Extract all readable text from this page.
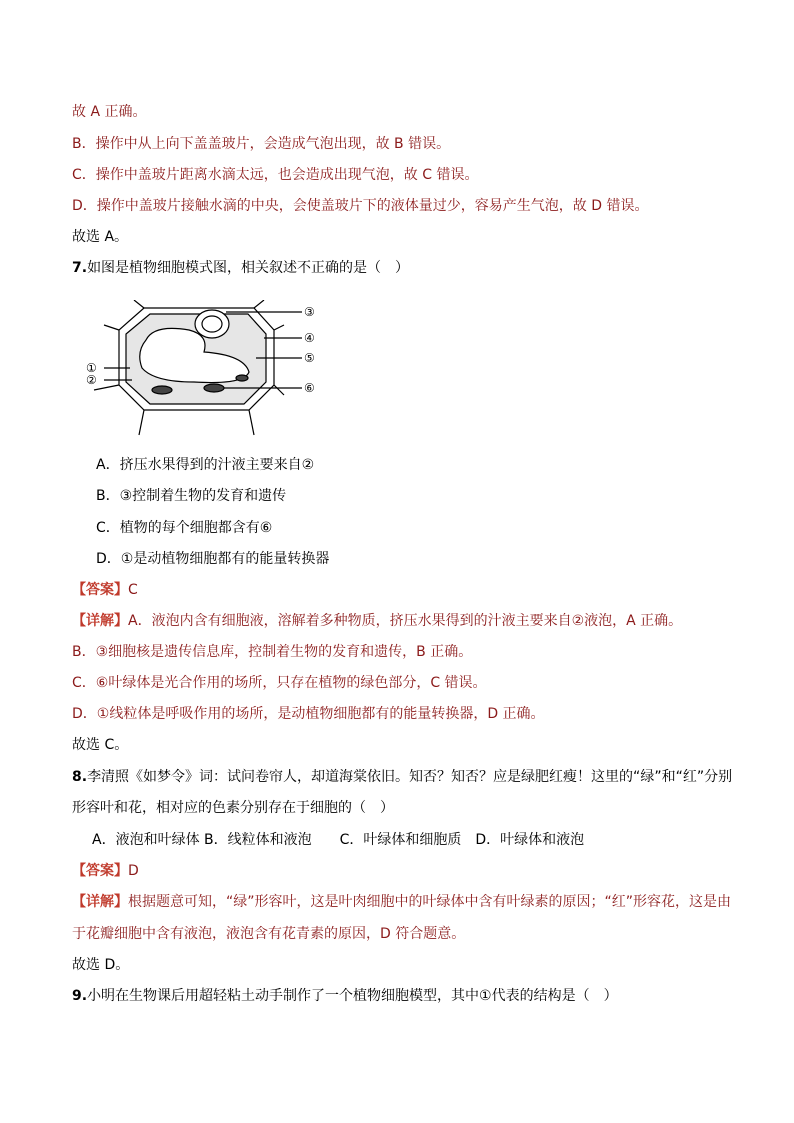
故 A 正确。
B．操作中从上向下盖盖玻片，会造成气泡出现，故 B 错误。
C．操作中盖玻片距离水滴太远，也会造成出现气泡，故 C 错误。
D．操作中盖玻片接触水滴的中央，会使盖玻片下的液体量过少，容易产生气泡，故 D 错误。
故选 A。
7.如图是植物细胞模式图，相关叙述不正确的是（　）
③
④
⑤
⑥
①
②
A．挤压水果得到的汁液主要来自②
B．③控制着生物的发育和遗传
C．植物的每个细胞都含有⑥
D．①是动植物细胞都有的能量转换器
【答案】C
【详解】A．液泡内含有细胞液，溶解着多种物质，挤压水果得到的汁液主要来自②液泡，A 正确。
B．③细胞核是遗传信息库，控制着生物的发育和遗传，B 正确。
C．⑥叶绿体是光合作用的场所，只存在植物的绿色部分，C 错误。
D．①线粒体是呼吸作用的场所，是动植物细胞都有的能量转换器，D 正确。
故选 C。
8.李清照《如梦令》词：试问卷帘人，却道海棠依旧。知否？知否？应是绿肥红瘦！这里的“绿”和“红”分别
形容叶和花，相对应的色素分别存在于细胞的（　）
A．液泡和叶绿体 B．线粒体和液泡　　C．叶绿体和细胞质　D．叶绿体和液泡
【答案】D
【详解】根据题意可知，“绿”形容叶，这是叶肉细胞中的叶绿体中含有叶绿素的原因；“红”形容花，这是由
于花瓣细胞中含有液泡，液泡含有花青素的原因，D 符合题意。
故选 D。
9.小明在生物课后用超轻粘土动手制作了一个植物细胞模型，其中①代表的结构是（　）
